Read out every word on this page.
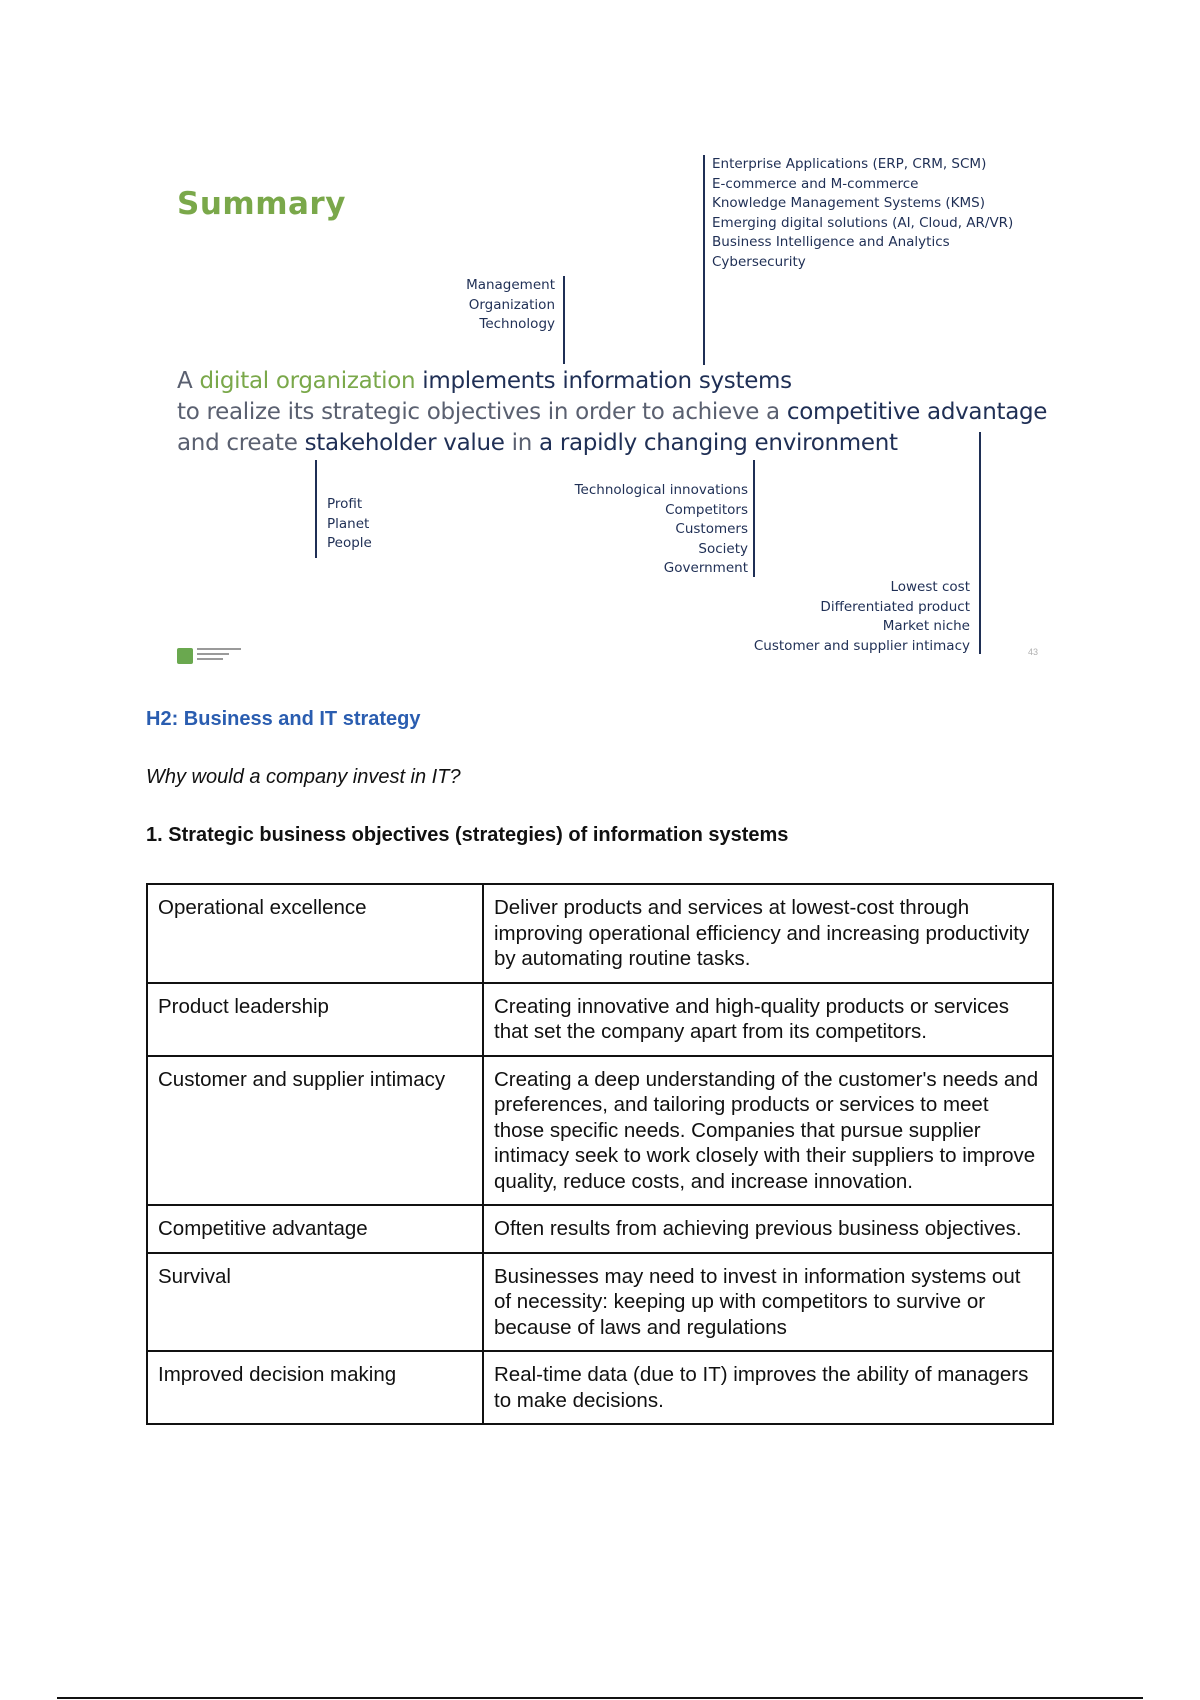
Summary
Enterprise Applications (ERP, CRM, SCM)
E-commerce and M-commerce
Knowledge Management Systems (KMS)
Emerging digital solutions (AI, Cloud, AR/VR)
Business Intelligence and Analytics
Cybersecurity
Management
Organization
Technology
A digital organization implements information systems
to realize its strategic objectives in order to achieve a competitive advantage
and create stakeholder value in a rapidly changing environment
Profit
Planet
People
Technological innovations
Competitors
Customers
Society
Government
Lowest cost
Differentiated product
Market niche
Customer and supplier intimacy	43
H2: Business and IT strategy
Why would a company invest in IT?
1. Strategic business objectives (strategies) of information systems
Operational excellence	Deliver products and services at lowest-cost through improving operational efficiency and increasing productivity by automating routine tasks.
Product leadership	Creating innovative and high-quality products or services that set the company apart from its competitors.
Customer and supplier intimacy	Creating a deep understanding of the customer's needs and preferences, and tailoring products or services to meet those specific needs. Companies that pursue supplier intimacy seek to work closely with their suppliers to improve quality, reduce costs, and increase innovation.
Competitive advantage	Often results from achieving previous business objectives.
Survival	Businesses may need to invest in information systems out of necessity: keeping up with competitors to survive or because of laws and regulations
Improved decision making	Real-time data (due to IT) improves the ability of managers to make decisions.
